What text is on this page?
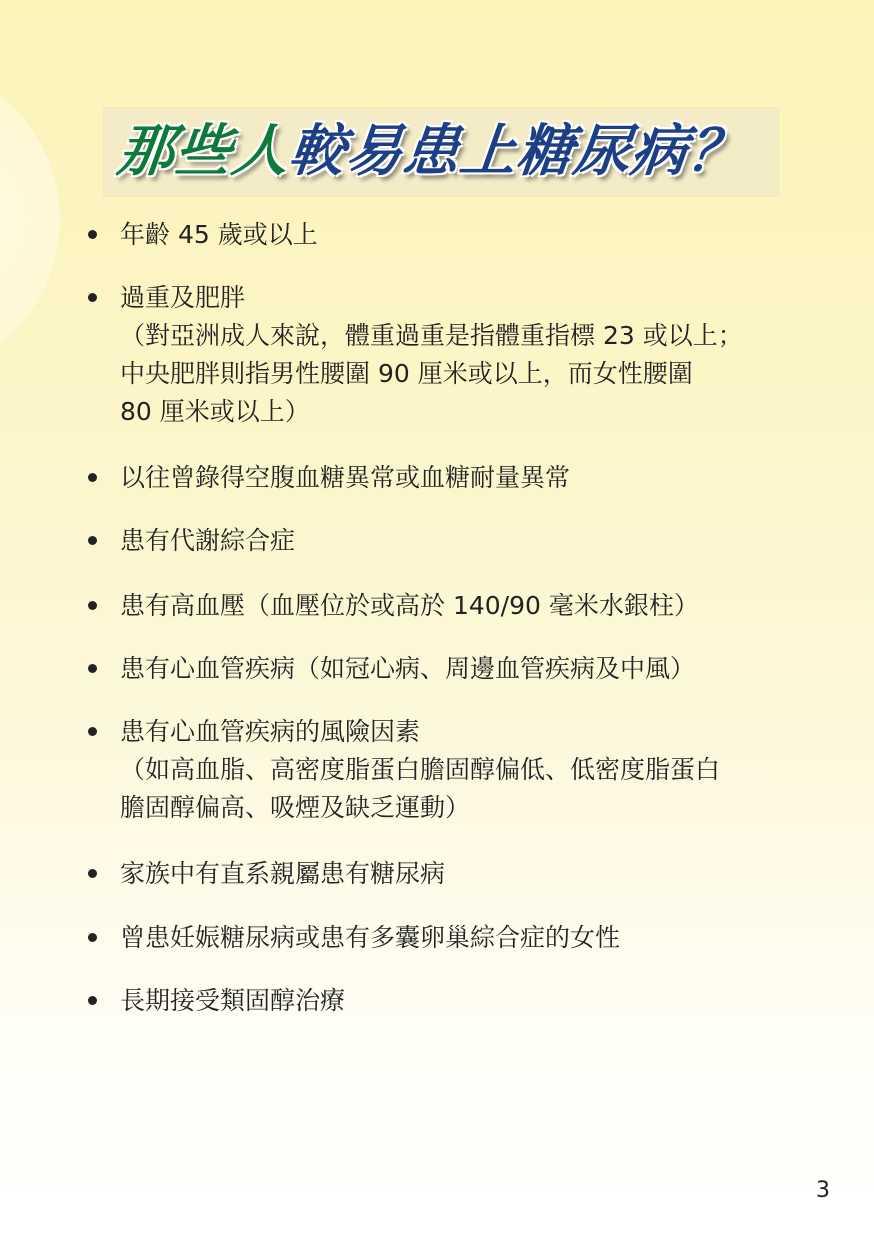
那些人較易患上糖尿病？
年齡 45 歲或以上
過重及肥胖
（對亞洲成人來說，體重過重是指體重指標 23 或以上；
中央肥胖則指男性腰圍 90 厘米或以上，而女性腰圍
80 厘米或以上）
以往曾錄得空腹血糖異常或血糖耐量異常
患有代謝綜合症
患有高血壓（血壓位於或高於 140/90 毫米水銀柱）
患有心血管疾病（如冠心病、周邊血管疾病及中風）
患有心血管疾病的風險因素
（如高血脂、高密度脂蛋白膽固醇偏低、低密度脂蛋白
膽固醇偏高、吸煙及缺乏運動）
家族中有直系親屬患有糖尿病
曾患妊娠糖尿病或患有多囊卵巢綜合症的女性
長期接受類固醇治療
3
